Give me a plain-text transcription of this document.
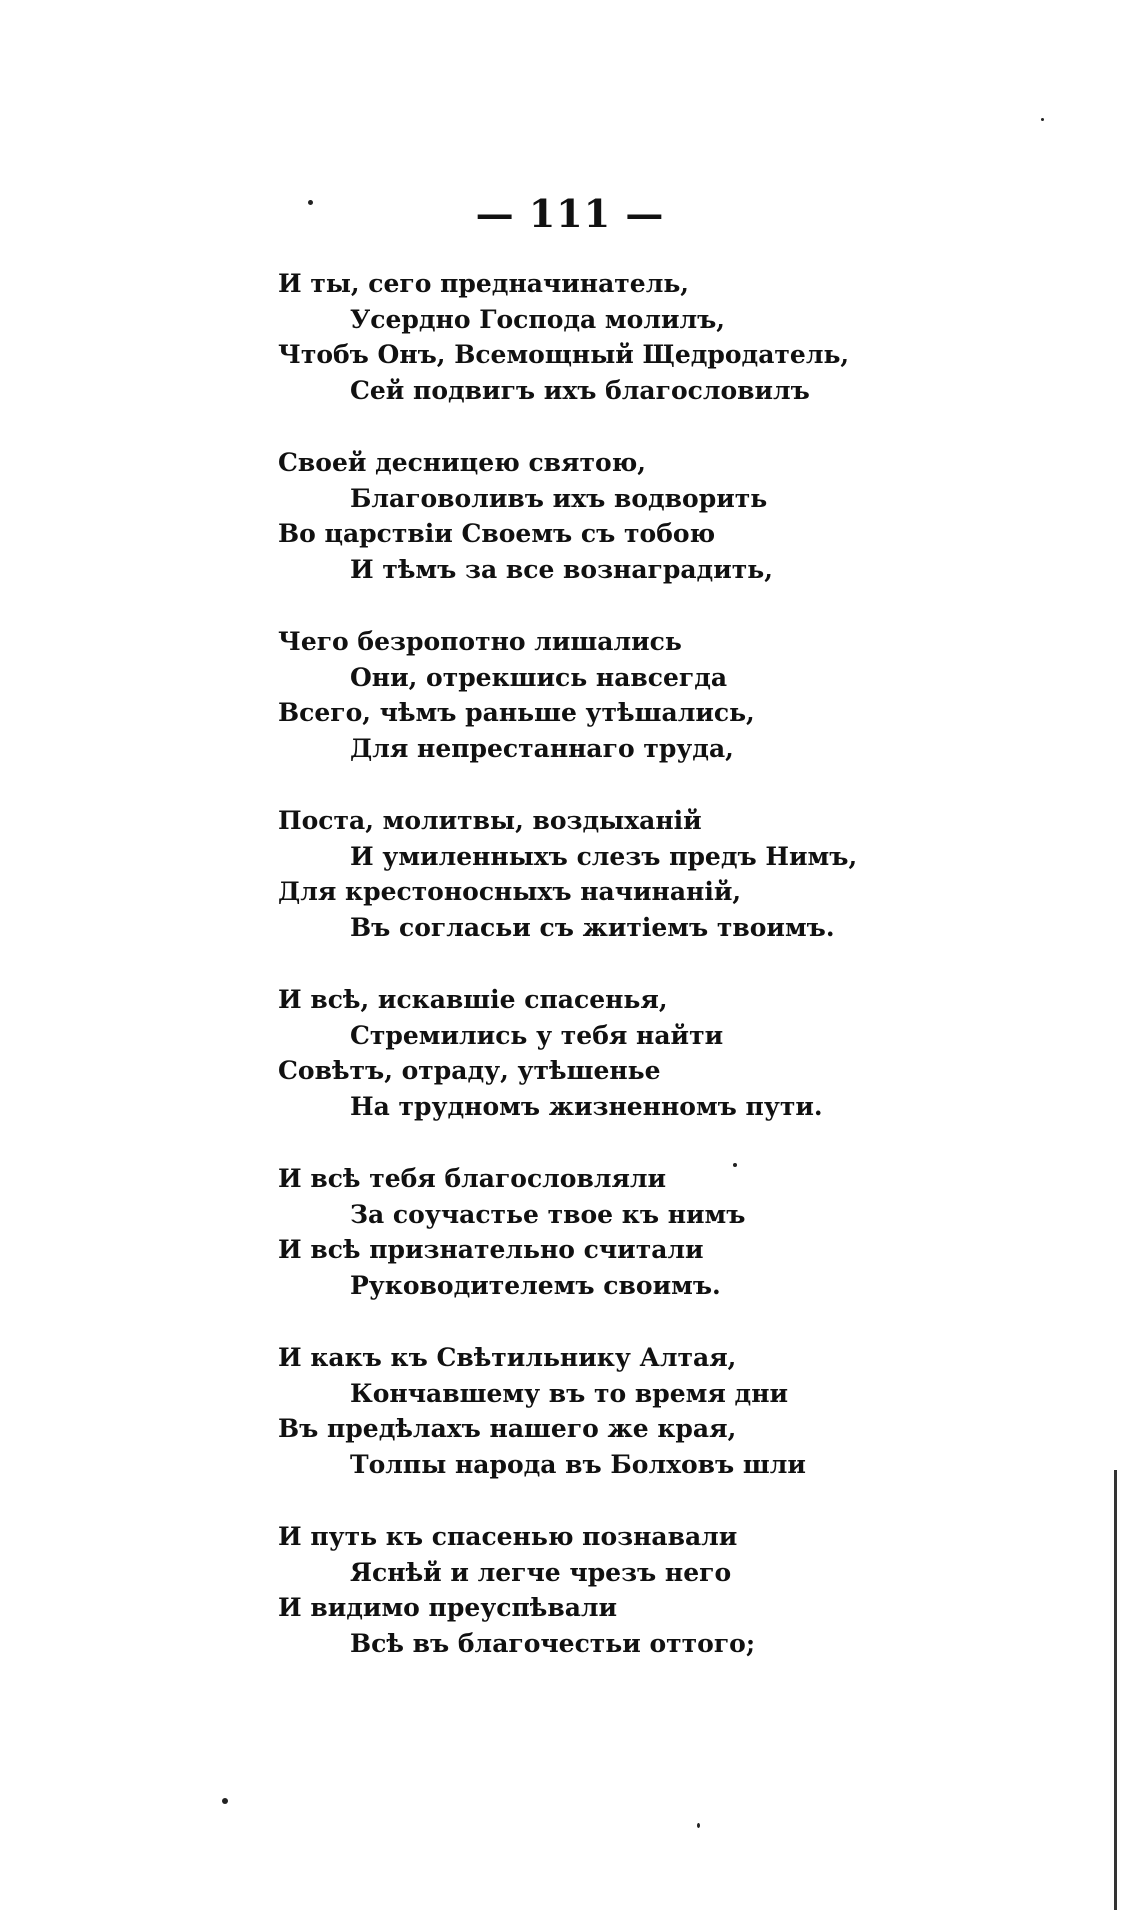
— 111 —
И ты, сего предначинатель,
Усердно Господа молилъ,
Чтобъ Онъ, Всемощный Щедродатель,
Сей подвигъ ихъ благословилъ
Своей десницею святою,
Благоволивъ ихъ водворить
Во царствіи Своемъ съ тобою
И тѣмъ за все вознаградить,
Чего безропотно лишались
Они, отрекшись навсегда
Всего, чѣмъ раньше утѣшались,
Для непрестаннаго труда,
Поста, молитвы, воздыханій
И умиленныхъ слезъ предъ Нимъ,
Для крестоносныхъ начинаній,
Въ согласьи съ житіемъ твоимъ.
И всѣ, искавшіе спасенья,
Стремились у тебя найти
Совѣтъ, отраду, утѣшенье
На трудномъ жизненномъ пути.
И всѣ тебя благословляли
За соучастье твое къ нимъ
И всѣ признательно считали
Руководителемъ своимъ.
И какъ къ Свѣтильнику Алтая,
Кончавшему въ то время дни
Въ предѣлахъ нашего же края,
Толпы народа въ Болховъ шли
И путь къ спасенью познавали
Яснѣй и легче чрезъ него
И видимо преуспѣвали
Всѣ въ благочестьи оттого;
